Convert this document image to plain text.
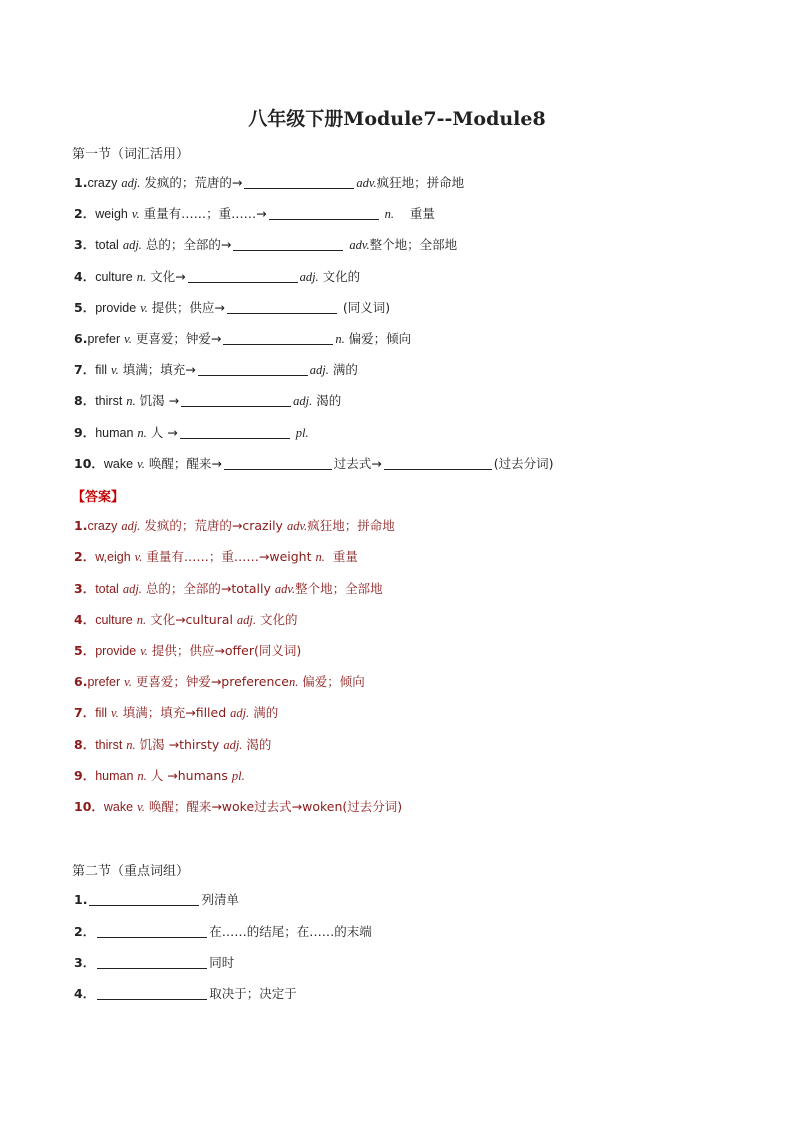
八年级下册Module7--Module8
第一节（词汇活用）
1.crazy adj. 发疯的；荒唐的→	adv.疯狂地；拼命地
2．weigh v. 重量有……；重……→	n. 重量
3．total adj. 总的；全部的→	adv.整个地；全部地
4．culture n. 文化→	adj. 文化的
5．provide v. 提供；供应→	(同义词)
6.prefer v. 更喜爱；钟爱→	n. 偏爱；倾向
7．fill v. 填满；填充→	adj. 满的
8．thirst n. 饥渴 →	adj. 渴的
9．human n. 人 →	pl.
10．wake v. 唤醒；醒来→	过去式→	(过去分词)
【答案】
1.crazy adj. 发疯的；荒唐的→crazily adv.疯狂地；拼命地
2．w,eigh v. 重量有……；重……→weight n. 重量
3．total adj. 总的；全部的→totally adv.整个地；全部地
4．culture n. 文化→cultural adj. 文化的
5．provide v. 提供；供应→offer(同义词)
6.prefer v. 更喜爱；钟爱→preferencen. 偏爱；倾向
7．fill v. 填满；填充→filled adj. 满的
8．thirst n. 饥渴 →thirsty adj. 渴的
9．human n. 人 →humans pl.
10．wake v. 唤醒；醒来→woke过去式→woken(过去分词)
第二节（重点词组）
1.	列清单
2．	在……的结尾；在……的末端
3．	同时
4．	取决于；决定于
